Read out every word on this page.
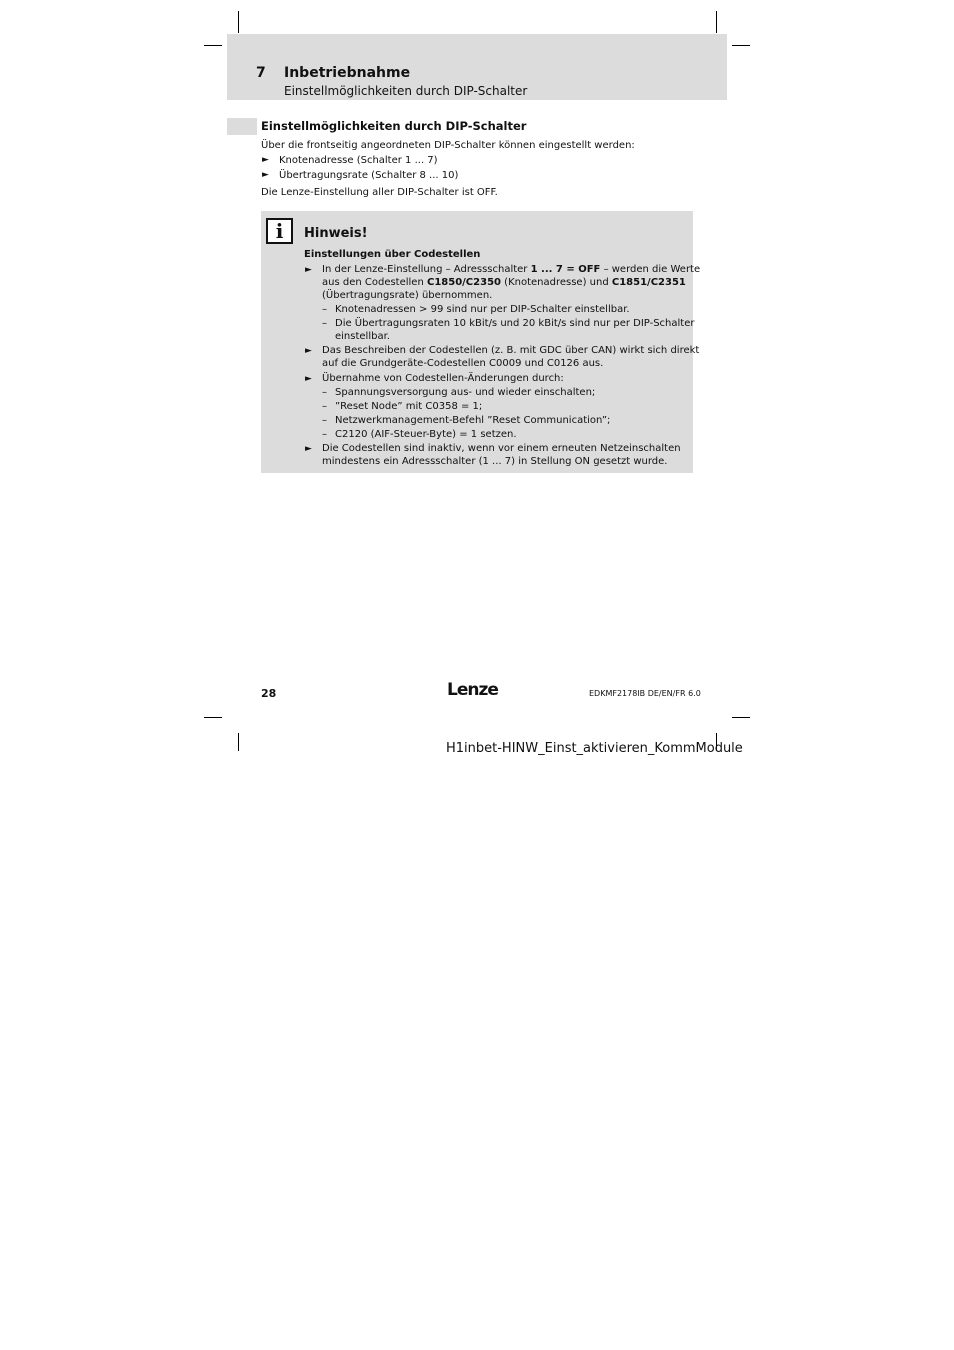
7 Inbetriebnahme
Einstellmöglichkeiten durch DIP-Schalter
Einstellmöglichkeiten durch DIP-Schalter
Über die frontseitig angeordneten DIP-Schalter können eingestellt werden:
► Knotenadresse (Schalter 1 ... 7)
► Übertragungsrate (Schalter 8 ... 10)
Die Lenze-Einstellung aller DIP-Schalter ist OFF.
i Hinweis!
Einstellungen über Codestellen
► In der Lenze-Einstellung – Adressschalter 1 ... 7 = OFF – werden die Werte
aus den Codestellen C1850/C2350 (Knotenadresse) und C1851/C2351
(Übertragungsrate) übernommen.
– Knotenadressen > 99 sind nur per DIP-Schalter einstellbar.
– Die Übertragungsraten 10 kBit/s und 20 kBit/s sind nur per DIP-Schalter
einstellbar.
► Das Beschreiben der Codestellen (z. B. mit GDC über CAN) wirkt sich direkt
auf die Grundgeräte-Codestellen C0009 und C0126 aus.
► Übernahme von Codestellen-Änderungen durch:
– Spannungsversorgung aus- und wieder einschalten;
– ”Reset Node” mit C0358 = 1;
– Netzwerkmanagement-Befehl ”Reset Communication”;
– C2120 (AIF-Steuer-Byte) = 1 setzen.
► Die Codestellen sind inaktiv, wenn vor einem erneuten Netzeinschalten
mindestens ein Adressschalter (1 ... 7) in Stellung ON gesetzt wurde.
28	Lenze	EDKMF2178IB DE/EN/FR 6.0
H1inbet-HINW_Einst_aktivieren_KommModule
